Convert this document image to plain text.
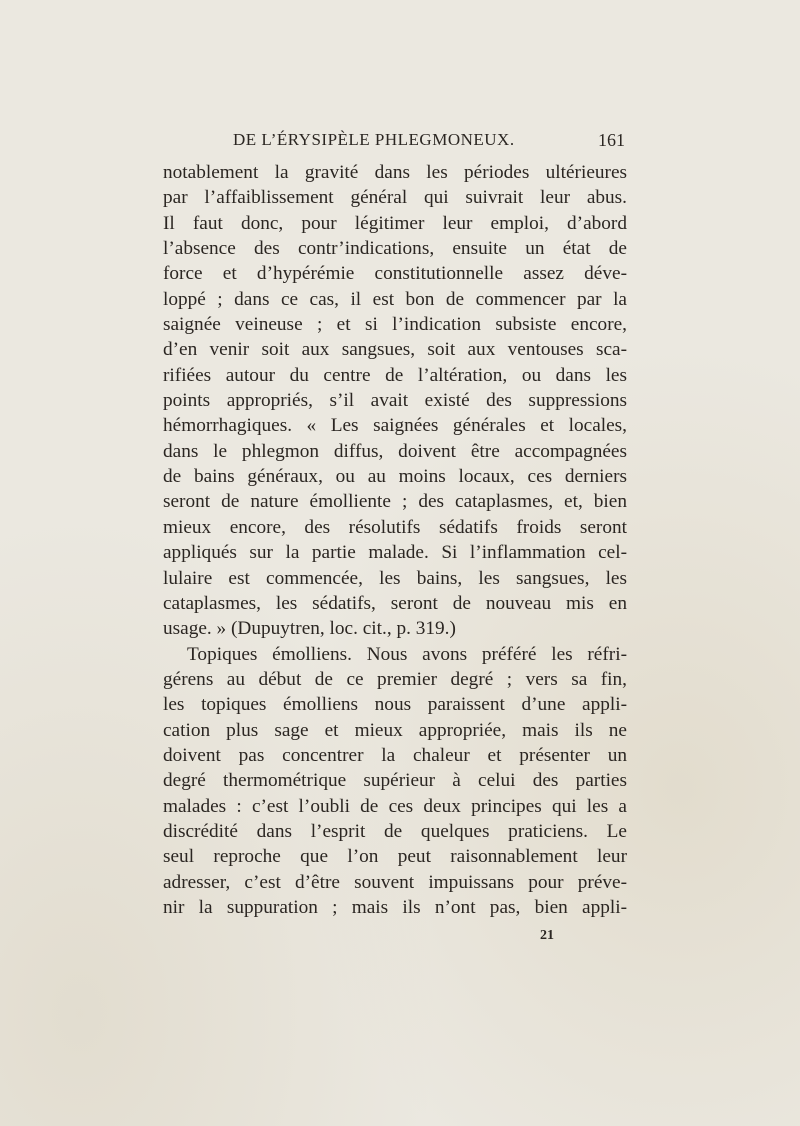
DE L’ÉRYSIPÈLE PHLEGMONEUX.	161
notablement la gravité dans les périodes ultérieures
par l’affaiblissement général qui suivrait leur abus.
Il faut donc, pour légitimer leur emploi, d’abord
l’absence des contr’indications, ensuite un état de
force et d’hypérémie constitutionnelle assez déve-
loppé ; dans ce cas, il est bon de commencer par la
saignée veineuse ; et si l’indication subsiste encore,
d’en venir soit aux sangsues, soit aux ventouses sca-
rifiées autour du centre de l’altération, ou dans les
points appropriés, s’il avait existé des suppressions
hémorrhagiques. « Les saignées générales et locales,
dans le phlegmon diffus, doivent être accompagnées
de bains généraux, ou au moins locaux, ces derniers
seront de nature émolliente ; des cataplasmes, et, bien
mieux encore, des résolutifs sédatifs froids seront
appliqués sur la partie malade. Si l’inflammation cel-
lulaire est commencée, les bains, les sangsues, les
cataplasmes, les sédatifs, seront de nouveau mis en
usage. » (Dupuytren, loc. cit., p. 319.)
Topiques émolliens. Nous avons préféré les réfri-
gérens au début de ce premier degré ; vers sa fin,
les topiques émolliens nous paraissent d’une appli-
cation plus sage et mieux appropriée, mais ils ne
doivent pas concentrer la chaleur et présenter un
degré thermométrique supérieur à celui des parties
malades : c’est l’oubli de ces deux principes qui les a
discrédité dans l’esprit de quelques praticiens. Le
seul reproche que l’on peut raisonnablement leur
adresser, c’est d’être souvent impuissans pour préve-
nir la suppuration ; mais ils n’ont pas, bien appli-
21
